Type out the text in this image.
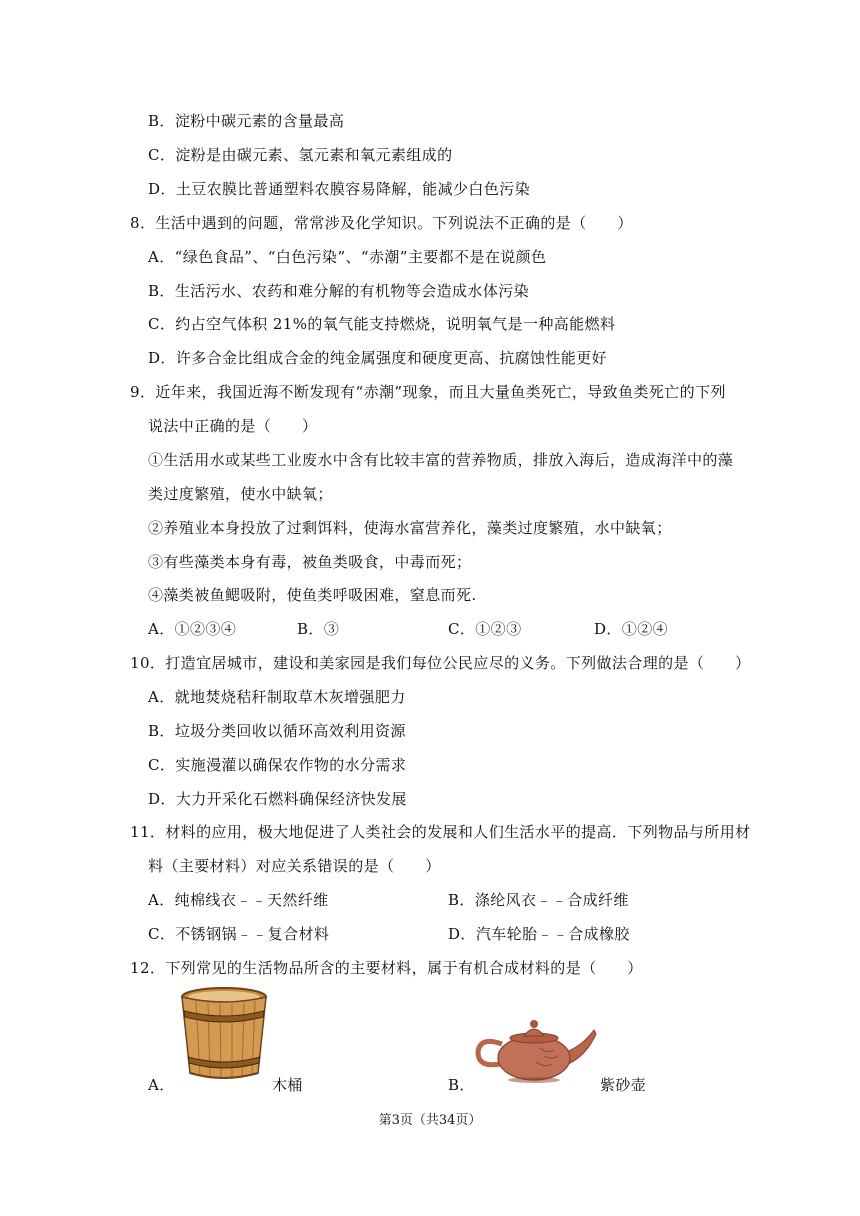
B．淀粉中碳元素的含量最高
C．淀粉是由碳元素、氢元素和氧元素组成的
D．土豆农膜比普通塑料农膜容易降解，能减少白色污染
8．生活中遇到的问题，常常涉及化学知识。下列说法不正确的是（　　）
A．“绿色食品”、“白色污染”、“赤潮”主要都不是在说颜色
B．生活污水、农药和难分解的有机物等会造成水体污染
C．约占空气体积 21%的氧气能支持燃烧，说明氧气是一种高能燃料
D．许多合金比组成合金的纯金属强度和硬度更高、抗腐蚀性能更好
9．近年来，我国近海不断发现有“赤潮”现象，而且大量鱼类死亡，导致鱼类死亡的下列
说法中正确的是（　　）
①生活用水或某些工业废水中含有比较丰富的营养物质，排放入海后，造成海洋中的藻
类过度繁殖，使水中缺氧；
②养殖业本身投放了过剩饵料，使海水富营养化，藻类过度繁殖，水中缺氧；
③有些藻类本身有毒，被鱼类吸食，中毒而死；
④藻类被鱼鳃吸附，使鱼类呼吸困难，窒息而死.
A．①②③④	B．③	C．①②③	D．①②④
10．打造宜居城市，建设和美家园是我们每位公民应尽的义务。下列做法合理的是（　　）
A．就地焚烧秸秆制取草木灰增强肥力
B．垃圾分类回收以循环高效利用资源
C．实施漫灌以确保农作物的水分需求
D．大力开采化石燃料确保经济快发展
11．材料的应用，极大地促进了人类社会的发展和人们生活水平的提高．下列物品与所用材
料（主要材料）对应关系错误的是（　　）
A．纯棉线衣﹣﹣天然纤维	B．涤纶风衣﹣﹣合成纤维
C．不锈钢锅﹣﹣复合材料	D．汽车轮胎﹣﹣合成橡胶
12．下列常见的生活物品所含的主要材料，属于有机合成材料的是（　　）
A．	木桶	B．	紫砂壶
第3页（共34页）
